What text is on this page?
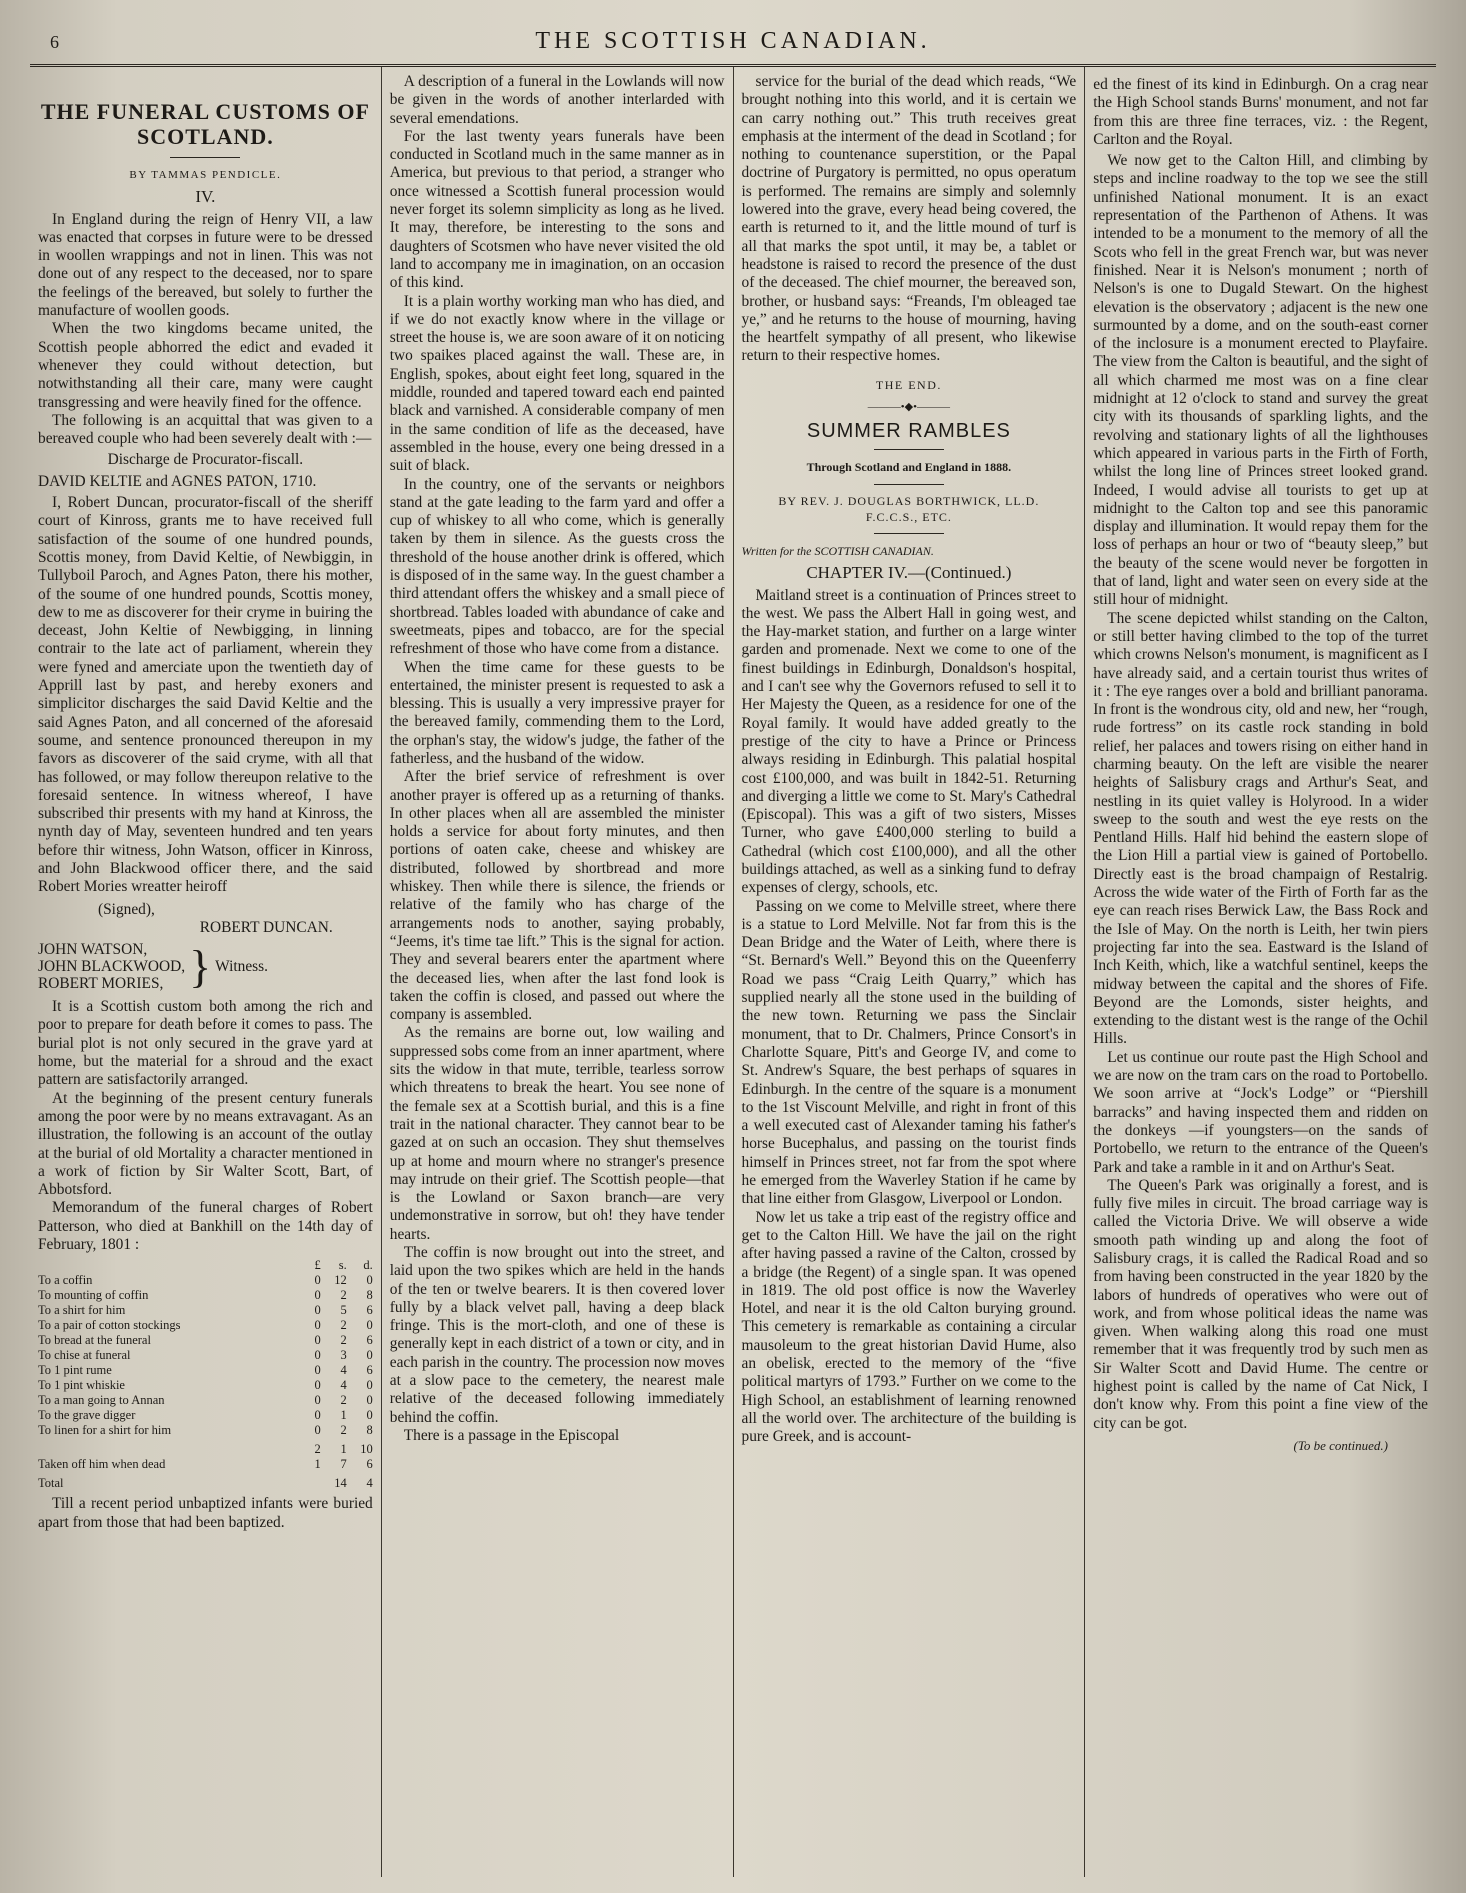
6	THE SCOTTISH CANADIAN.
THE FUNERAL CUSTOMS OF SCOTLAND.
BY TAMMAS PENDICLE.
IV.

In England during the reign of Henry VII, a law was enacted that corpses in future were to be dressed in woollen wrappings and not in linen. This was not done out of any respect to the deceased, nor to spare the feelings of the bereaved, but solely to further the manufacture of woollen goods.

When the two kingdoms became united, the Scottish people abhorred the edict and evaded it whenever they could without detection, but notwithstanding all their care, many were caught transgressing and were heavily fined for the offence.

The following is an acquittal that was given to a bereaved couple who had been severely dealt with :—

Discharge de Procurator-fiscall.

DAVID KELTIE and AGNES PATON, 1710.

I, Robert Duncan, procurator-fiscall of the sheriff court of Kinross, grants me to have received full satisfaction of the soume of one hundred pounds, Scottis money, from David Keltie, of Newbiggin, in Tullyboil Paroch, and Agnes Paton, there his mother, of the soume of one hundred pounds, Scottis money, dew to me as discoverer for their cryme in buiring the deceast, John Keltie of Newbigging, in linning contrair to the late act of parliament, wherein they were fyned and amerciate upon the twentieth day of Apprill last by past, and hereby exoners and simplicitor discharges the said David Keltie and the said Agnes Paton, and all concerned of the aforesaid soume, and sentence pronounced thereupon in my favors as discoverer of the said cryme, with all that has followed, or may follow thereupon relative to the foresaid sentence. In witness whereof, I have subscribed thir presents with my hand at Kinross, the nynth day of May, seventeen hundred and ten years before thir witness, John Watson, officer in Kinross, and John Blackwood officer there, and the said Robert Mories wreatter heiroff

(Signed),
ROBERT DUNCAN.
JOHN WATSON,
JOHN BLACKWOOD,
ROBERT MORIES, } Witness.

It is a Scottish custom both among the rich and poor to prepare for death before it comes to pass. The burial plot is not only secured in the grave yard at home, but the material for a shroud and the exact pattern are satisfactorily arranged.

At the beginning of the present century funerals among the poor were by no means extravagant. As an illustration, the following is an account of the outlay at the burial of old Mortality a character mentioned in a work of fiction by Sir Walter Scott, Bart, of Abbotsford.

Memorandum of the funeral charges of Robert Patterson, who died at Bankhill on the 14th day of February, 1801 :

	£	s.	d.
To a coffin	0	12	0
To mounting of coffin	0	2	8
To a shirt for him	0	5	6
To a pair of cotton stockings	0	2	0
To bread at the funeral	0	2	6
To chise at funeral	0	3	0
To 1 pint rume	0	4	6
To 1 pint whiskie	0	4	0
To a man going to Annan	0	2	0
To the grave digger	0	1	0
To linen for a shirt for him	0	2	8
	2	1	10
Taken off him when dead	1	7	6
Total		14	4

Till a recent period unbaptized infants were buried apart from those that had been baptized.

A description of a funeral in the Lowlands will now be given in the words of another interlarded with several emendations.

For the last twenty years funerals have been conducted in Scotland much in the same manner as in America, but previous to that period, a stranger who once witnessed a Scottish funeral procession would never forget its solemn simplicity as long as he lived. It may, therefore, be interesting to the sons and daughters of Scotsmen who have never visited the old land to accompany me in imagination, on an occasion of this kind.

It is a plain worthy working man who has died, and if we do not exactly know where in the village or street the house is, we are soon aware of it on noticing two spaikes placed against the wall. These are, in English, spokes, about eight feet long, squared in the middle, rounded and tapered toward each end painted black and varnished. A considerable company of men in the same condition of life as the deceased, have assembled in the house, every one being dressed in a suit of black.

In the country, one of the servants or neighbors stand at the gate leading to the farm yard and offer a cup of whiskey to all who come, which is generally taken by them in silence. As the guests cross the threshold of the house another drink is offered, which is disposed of in the same way. In the guest chamber a third attendant offers the whiskey and a small piece of shortbread. Tables loaded with abundance of cake and sweetmeats, pipes and tobacco, are for the special refreshment of those who have come from a distance.

When the time came for these guests to be entertained, the minister present is requested to ask a blessing. This is usually a very impressive prayer for the bereaved family, commending them to the Lord, the orphan's stay, the widow's judge, the father of the fatherless, and the husband of the widow.

After the brief service of refreshment is over another prayer is offered up as a returning of thanks. In other places when all are assembled the minister holds a service for about forty minutes, and then portions of oaten cake, cheese and whiskey are distributed, followed by shortbread and more whiskey. Then while there is silence, the friends or relative of the family who has charge of the arrangements nods to another, saying probably, “Jeems, it's time tae lift.” This is the signal for action. They and several bearers enter the apartment where the deceased lies, when after the last fond look is taken the coffin is closed, and passed out where the company is assembled.

As the remains are borne out, low wailing and suppressed sobs come from an inner apartment, where sits the widow in that mute, terrible, tearless sorrow which threatens to break the heart. You see none of the female sex at a Scottish burial, and this is a fine trait in the national character. They cannot bear to be gazed at on such an occasion. They shut themselves up at home and mourn where no stranger's presence may intrude on their grief. The Scottish people—that is the Lowland or Saxon branch—are very undemonstrative in sorrow, but oh! they have tender hearts.

The coffin is now brought out into the street, and laid upon the two spikes which are held in the hands of the ten or twelve bearers. It is then covered lover fully by a black velvet pall, having a deep black fringe. This is the mort-cloth, and one of these is generally kept in each district of a town or city, and in each parish in the country. The procession now moves at a slow pace to the cemetery, the nearest male relative of the deceased following immediately behind the coffin.

There is a passage in the Episcopal

service for the burial of the dead which reads, “We brought nothing into this world, and it is certain we can carry nothing out.” This truth receives great emphasis at the interment of the dead in Scotland ; for nothing to countenance superstition, or the Papal doctrine of Purgatory is permitted, no opus operatum is performed. The remains are simply and solemnly lowered into the grave, every head being covered, the earth is returned to it, and the little mound of turf is all that marks the spot until, it may be, a tablet or headstone is raised to record the presence of the dust of the deceased. The chief mourner, the bereaved son, brother, or husband says: “Freands, I'm obleaged tae ye,” and he returns to the house of mourning, having the heartfelt sympathy of all present, who likewise return to their respective homes.

THE END.
———•◆•———
SUMMER RAMBLES
Through Scotland and England in 1888.
BY REV. J. DOUGLAS BORTHWICK, LL.D.
F.C.C.S., ETC.

Written for the SCOTTISH CANADIAN.

CHAPTER IV.—(Continued.)

Maitland street is a continuation of Princes street to the west. We pass the Albert Hall in going west, and the Hay-market station, and further on a large winter garden and promenade. Next we come to one of the finest buildings in Edinburgh, Donaldson's hospital, and I can't see why the Governors refused to sell it to Her Majesty the Queen, as a residence for one of the Royal family. It would have added greatly to the prestige of the city to have a Prince or Princess always residing in Edinburgh. This palatial hospital cost £100,000, and was built in 1842-51. Returning and diverging a little we come to St. Mary's Cathedral (Episcopal). This was a gift of two sisters, Misses Turner, who gave £400,000 sterling to build a Cathedral (which cost £100,000), and all the other buildings attached, as well as a sinking fund to defray expenses of clergy, schools, etc.

Passing on we come to Melville street, where there is a statue to Lord Melville. Not far from this is the Dean Bridge and the Water of Leith, where there is “St. Bernard's Well.” Beyond this on the Queenferry Road we pass “Craig Leith Quarry,” which has supplied nearly all the stone used in the building of the new town. Returning we pass the Sinclair monument, that to Dr. Chalmers, Prince Consort's in Charlotte Square, Pitt's and George IV, and come to St. Andrew's Square, the best perhaps of squares in Edinburgh. In the centre of the square is a monument to the 1st Viscount Melville, and right in front of this a well executed cast of Alexander taming his father's horse Bucephalus, and passing on the tourist finds himself in Princes street, not far from the spot where he emerged from the Waverley Station if he came by that line either from Glasgow, Liverpool or London.

Now let us take a trip east of the registry office and get to the Calton Hill. We have the jail on the right after having passed a ravine of the Calton, crossed by a bridge (the Regent) of a single span. It was opened in 1819. The old post office is now the Waverley Hotel, and near it is the old Calton burying ground. This cemetery is remarkable as containing a circular mausoleum to the great historian David Hume, also an obelisk, erected to the memory of the “five political martyrs of 1793.” Further on we come to the High School, an establishment of learning renowned all the world over. The architecture of the building is pure Greek, and is account-

ed the finest of its kind in Edinburgh. On a crag near the High School stands Burns' monument, and not far from this are three fine terraces, viz. : the Regent, Carlton and the Royal.

We now get to the Calton Hill, and climbing by steps and incline roadway to the top we see the still unfinished National monument. It is an exact representation of the Parthenon of Athens. It was intended to be a monument to the memory of all the Scots who fell in the great French war, but was never finished. Near it is Nelson's monument ; north of Nelson's is one to Dugald Stewart. On the highest elevation is the observatory ; adjacent is the new one surmounted by a dome, and on the south-east corner of the inclosure is a monument erected to Playfaire. The view from the Calton is beautiful, and the sight of all which charmed me most was on a fine clear midnight at 12 o'clock to stand and survey the great city with its thousands of sparkling lights, and the revolving and stationary lights of all the lighthouses which appeared in various parts in the Firth of Forth, whilst the long line of Princes street looked grand. Indeed, I would advise all tourists to get up at midnight to the Calton top and see this panoramic display and illumination. It would repay them for the loss of perhaps an hour or two of “beauty sleep,” but the beauty of the scene would never be forgotten in that of land, light and water seen on every side at the still hour of midnight.

The scene depicted whilst standing on the Calton, or still better having climbed to the top of the turret which crowns Nelson's monument, is magnificent as I have already said, and a certain tourist thus writes of it : The eye ranges over a bold and brilliant panorama. In front is the wondrous city, old and new, her “rough, rude fortress” on its castle rock standing in bold relief, her palaces and towers rising on either hand in charming beauty. On the left are visible the nearer heights of Salisbury crags and Arthur's Seat, and nestling in its quiet valley is Holyrood. In a wider sweep to the south and west the eye rests on the Pentland Hills. Half hid behind the eastern slope of the Lion Hill a partial view is gained of Portobello. Directly east is the broad champaign of Restalrig. Across the wide water of the Firth of Forth far as the eye can reach rises Berwick Law, the Bass Rock and the Isle of May. On the north is Leith, her twin piers projecting far into the sea. Eastward is the Island of Inch Keith, which, like a watchful sentinel, keeps the midway between the capital and the shores of Fife. Beyond are the Lomonds, sister heights, and extending to the distant west is the range of the Ochil Hills.

Let us continue our route past the High School and we are now on the tram cars on the road to Portobello. We soon arrive at “Jock's Lodge” or “Piershill barracks” and having inspected them and ridden on the donkeys —if youngsters—on the sands of Portobello, we return to the entrance of the Queen's Park and take a ramble in it and on Arthur's Seat.

The Queen's Park was originally a forest, and is fully five miles in circuit. The broad carriage way is called the Victoria Drive. We will observe a wide smooth path winding up and along the foot of Salisbury crags, it is called the Radical Road and so from having been constructed in the year 1820 by the labors of hundreds of operatives who were out of work, and from whose political ideas the name was given. When walking along this road one must remember that it was frequently trod by such men as Sir Walter Scott and David Hume. The centre or highest point is called by the name of Cat Nick, I don't know why. From this point a fine view of the city can be got.

(To be continued.)
